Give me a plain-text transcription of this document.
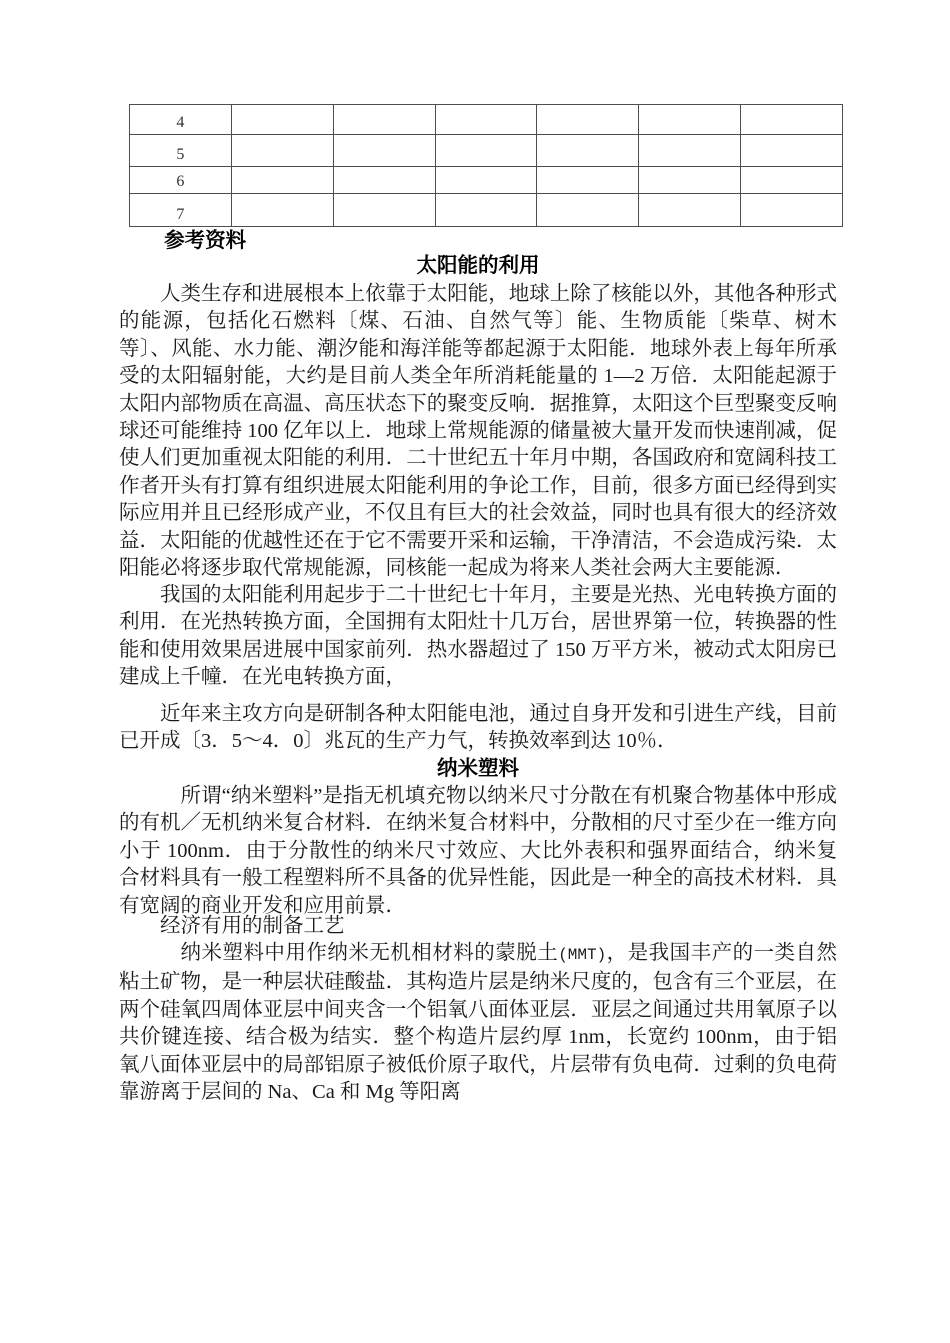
4						
5						
6						
7						
参考资料
太阳能的利用

人类生存和进展根本上依靠于太阳能，地球上除了核能以外，其他各种形式的能源，包括化石燃料〔煤、石油、自然气等〕能、生物质能〔柴草、树木等〕、风能、水力能、潮汐能和海洋能等都起源于太阳能．地球外表上每年所承受的太阳辐射能，大约是目前人类全年所消耗能量的 1—2 万倍．太阳能起源于太阳内部物质在高温、高压状态下的聚变反响．据推算，太阳这个巨型聚变反响球还可能维持 100 亿年以上．地球上常规能源的储量被大量开发而快速削减，促使人们更加重视太阳能的利用．二十世纪五十年月中期，各国政府和宽阔科技工作者开头有打算有组织进展太阳能利用的争论工作，目前，很多方面已经得到实际应用并且已经形成产业，不仅且有巨大的社会效益，同时也具有很大的经济效益．太阳能的优越性还在于它不需要开采和运输，干净清洁，不会造成污染．太阳能必将逐步取代常规能源，同核能一起成为将来人类社会两大主要能源．

我国的太阳能利用起步于二十世纪七十年月，主要是光热、光电转换方面的利用．在光热转换方面，全国拥有太阳灶十几万台，居世界第一位，转换器的性能和使用效果居进展中国家前列．热水器超过了 150 万平方米，被动式太阳房已建成上千幢．在光电转换方面，

近年来主攻方向是研制各种太阳能电池，通过自身开发和引进生产线，目前已开成〔3．5～4．0〕兆瓦的生产力气，转换效率到达 10％．

纳米塑料

所谓“纳米塑料”是指无机填充物以纳米尺寸分散在有机聚合物基体中形成的有机／无机纳米复合材料．在纳米复合材料中，分散相的尺寸至少在一维方向小于 100nm．由于分散性的纳米尺寸效应、大比外表积和强界面结合，纳米复合材料具有一般工程塑料所不具备的优异性能，因此是一种全的高技术材料．具有宽阔的商业开发和应用前景．

经济有用的制备工艺

纳米塑料中用作纳米无机相材料的蒙脱土(MMT)，是我国丰产的一类自然粘土矿物，是一种层状硅酸盐．其构造片层是纳米尺度的，包含有三个亚层，在两个硅氧四周体亚层中间夹含一个铝氧八面体亚层．亚层之间通过共用氧原子以共价键连接、结合极为结实．整个构造片层约厚 1nm，长宽约 100nm，由于铝氧八面体亚层中的局部铝原子被低价原子取代，片层带有负电荷．过剩的负电荷靠游离于层间的 Na、Ca 和 Mg 等阳离
